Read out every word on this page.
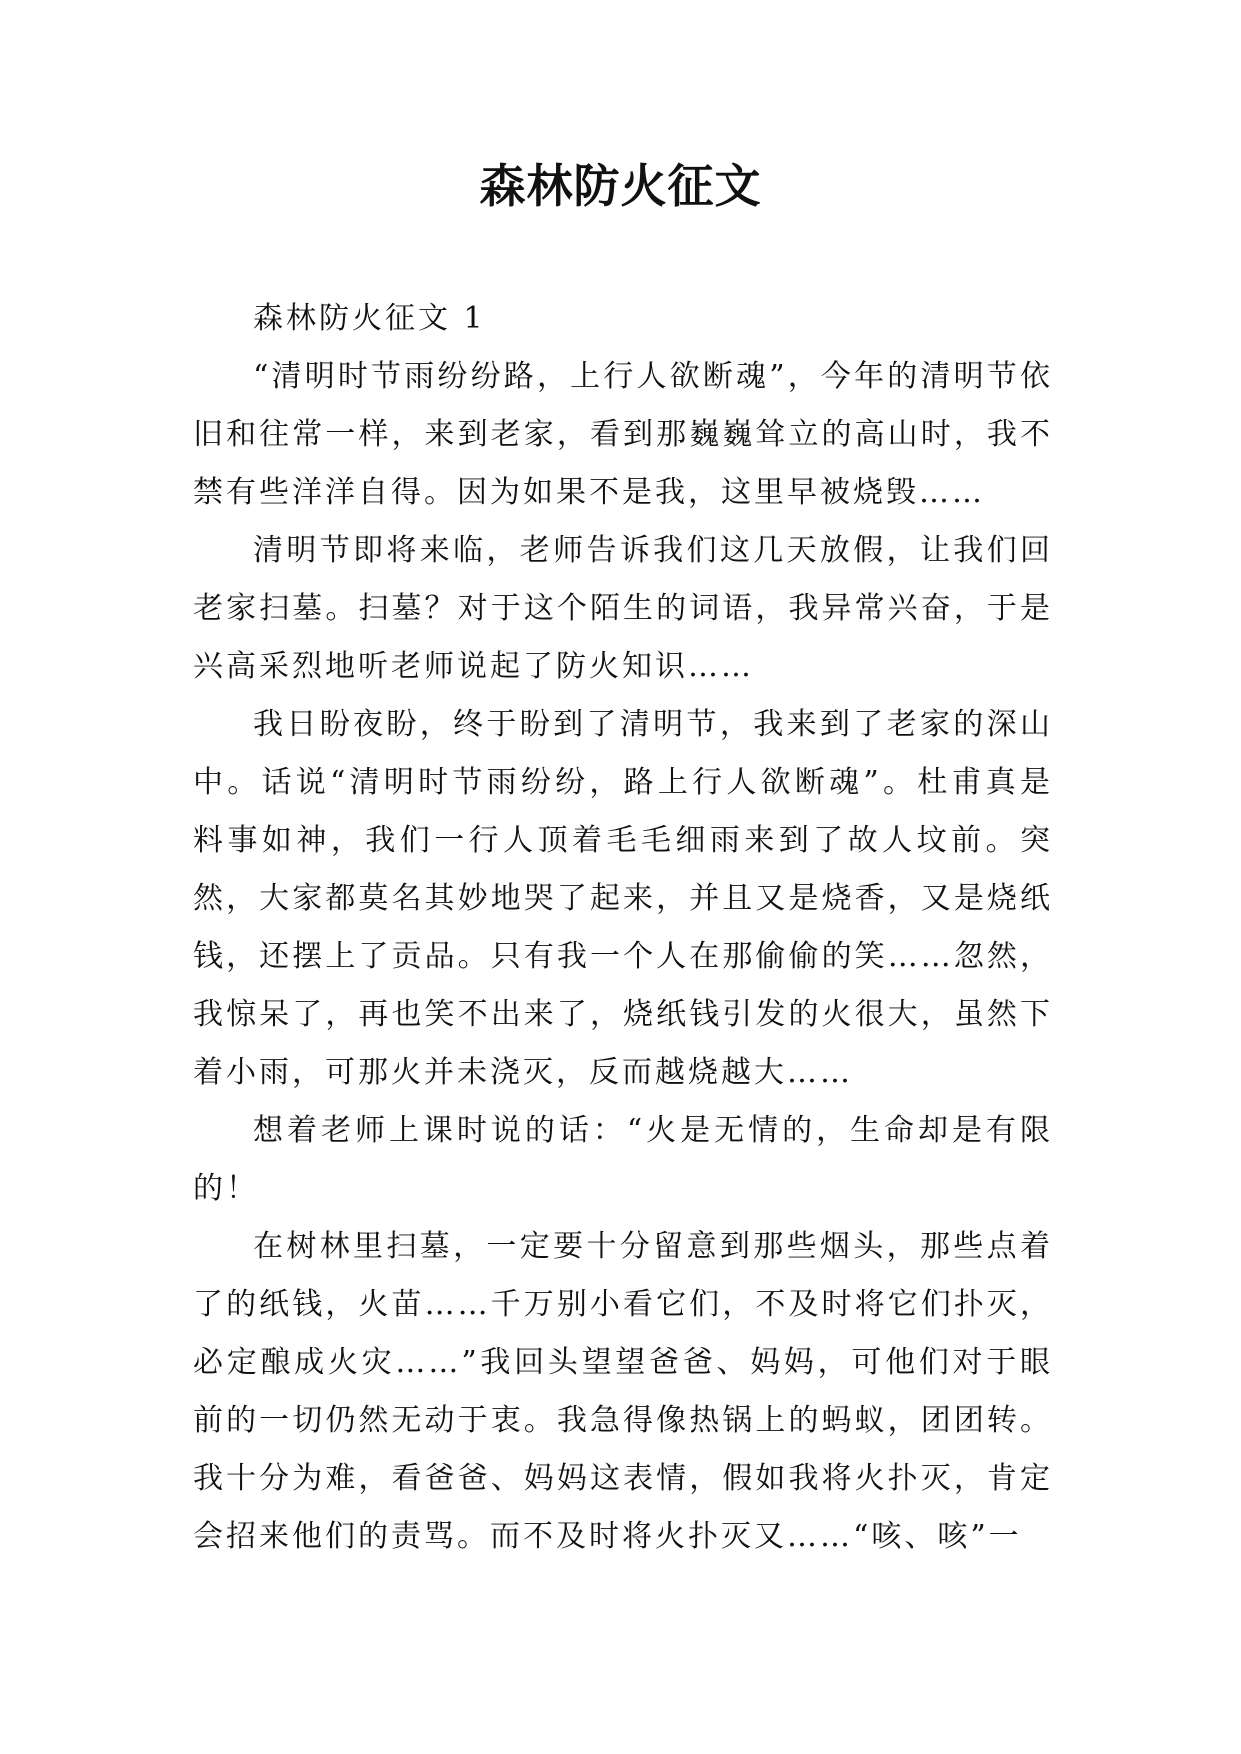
森林防火征文

森林防火征文 1

“清明时节雨纷纷路，上行人欲断魂”，今年的清明节依旧和往常一样，来到老家，看到那巍巍耸立的高山时，我不禁有些洋洋自得。因为如果不是我，这里早被烧毁……

清明节即将来临，老师告诉我们这几天放假，让我们回老家扫墓。扫墓？对于这个陌生的词语，我异常兴奋，于是兴高采烈地听老师说起了防火知识……

我日盼夜盼，终于盼到了清明节，我来到了老家的深山中。话说“清明时节雨纷纷，路上行人欲断魂”。杜甫真是料事如神，我们一行人顶着毛毛细雨来到了故人坟前。突然，大家都莫名其妙地哭了起来，并且又是烧香，又是烧纸钱，还摆上了贡品。只有我一个人在那偷偷的笑……忽然，我惊呆了，再也笑不出来了，烧纸钱引发的火很大，虽然下着小雨，可那火并未浇灭，反而越烧越大……

想着老师上课时说的话：“火是无情的，生命却是有限的！

在树林里扫墓，一定要十分留意到那些烟头，那些点着了的纸钱，火苗……千万别小看它们，不及时将它们扑灭，必定酿成火灾……”我回头望望爸爸、妈妈，可他们对于眼前的一切仍然无动于衷。我急得像热锅上的蚂蚁，团团转。我十分为难，看爸爸、妈妈这表情，假如我将火扑灭，肯定会招来他们的责骂。而不及时将火扑灭又……“咳、咳”一
